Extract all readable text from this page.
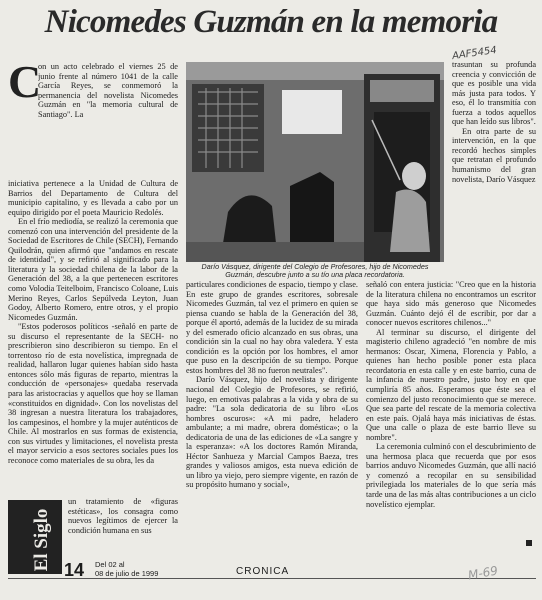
Nicomedes Guzmán en la memoria
AAF5454
C

on un acto celebrado el viernes 25 de junio frente al número 1041 de la calle García Reyes, se conmemoró la permanencia del novelista Nicomedes Guzmán en "la memoria cultural de Santiago". La

iniciativa pertenece a la Unidad de Cultura de Barrios del Departamento de Cultura del municipio capitalino, y es llevada a cabo por un equipo dirigido por el poeta Mauricio Redolés.

En el frío mediodía, se realizó la ceremonia que comenzó con una intervención del presidente de la Sociedad de Escritores de Chile (SECH), Fernando Quilodrán, quien afirmó que "andamos en rescate de identidad", y se refirió al significado para la literatura y la sociedad chilena de la labor de la Generación del 38, a la que pertenecen escritores como Volodia Teitelboim, Francisco Coloane, Luis Merino Reyes, Carlos Sepúlveda Leyton, Juan Godoy, Alberto Romero, entre otros, y el propio Nicomedes Guzmán.

"Estos poderosos políticos -señaló en parte de su discurso el representante de la SECH- no prescribieron sino describieron su tiempo. En el torrentoso río de esta novelística, impregnada de realidad, hallaron lugar quienes habían sido hasta entonces sólo más figuras de reparto, mientras la conducción de «personajes» quedaba reservada para las aristocracias y aquellos que hoy se llaman «constituidos en dignidad». Con los novelistas del 38 ingresan a nuestra literatura los trabajadores, los campesinos, el hombre y la mujer auténticos de Chile. Al mostrarlos en sus formas de existencia, con sus virtudes y limitaciones, el novelista presta el mayor servicio a esos sectores sociales pues los reconoce como materiales de su obra, les da

El Siglo

un tratamiento de «figuras estéticas», los consagra como nuevos legítimos de ejercer la condición humana en sus

Darío Vásquez, dirigente del Colegio de Profesores, hijo de Nicomedes Guzmán, descubre junto a su tío una placa recordatoria.

particulares condiciones de espacio, tiempo y clase. En este grupo de grandes escritores, sobresale Nicomedes Guzmán, tal vez el primero en quien se piensa cuando se habla de la Generación del 38, porque él aportó, además de la lucidez de su mirada y del esmerado oficio alcanzado en sus obras, una condición sin la cual no hay obra valedera. Y esta condición es la opción por los hombres, el amor que puso en la descripción de su tiempo. Porque estos hombres del 38 no fueron neutrales".

Darío Vásquez, hijo del novelista y dirigente nacional del Colegio de Profesores, se refirió, luego, en emotivas palabras a la vida y obra de su padre: "La sola dedicatoria de su libro «Los hombres oscuros»: «A mi padre, heladero ambulante; a mi madre, obrera doméstica»; o la dedicatoria de una de las ediciones de «La sangre y la esperanza»: «A los doctores Ramón Miranda, Héctor Sanhueza y Marcial Campos Baeza, tres grandes y valiosos amigos, esta nueva edición de un libro ya viejo, pero siempre vigente, en razón de su propósito humano y social»,

trasuntan su profunda creencia y convicción de que es posible una vida más justa para todos. Y eso, él lo transmitía con fuerza a todos aquellos que han leído sus libros".

En otra parte de su intervención, en la que recordó hechos simples que retratan el profundo humanismo del gran novelista, Darío Vásquez

señaló con entera justicia: "Creo que en la historia de la literatura chilena no encontramos un escritor que haya sido más generoso que Nicomedes Guzmán. Cuánto dejó él de escribir, por dar a conocer nuevos escritores chilenos..."

Al terminar su discurso, el dirigente del magisterio chileno agradeció "en nombre de mis hermanos: Oscar, Ximena, Florencia y Pablo, a quienes han hecho posible poner esta placa recordatoria en esta calle y en este barrio, cuna de la infancia de nuestro padre, justo hoy en que cumpliría 85 años. Esperamos que éste sea el comienzo del justo reconocimiento que se merece. Que sea parte del rescate de la memoria colectiva en este país. Ojalá haya más iniciativas de éstas. Que una calle o plaza de este barrio lleve su nombre".

La ceremonia culminó con el descubrimiento de una hermosa placa que recuerda que por esos barrios anduvo Nicomedes Guzmán, que allí nació y comenzó a recopilar en su sensibilidad privilegiada los materiales de lo que sería más tarde una de las más altas contribuciones a un ciclo novelístico ejemplar.

14 Del 02 al
08 de julio de 1999	CRONICA	M-69
